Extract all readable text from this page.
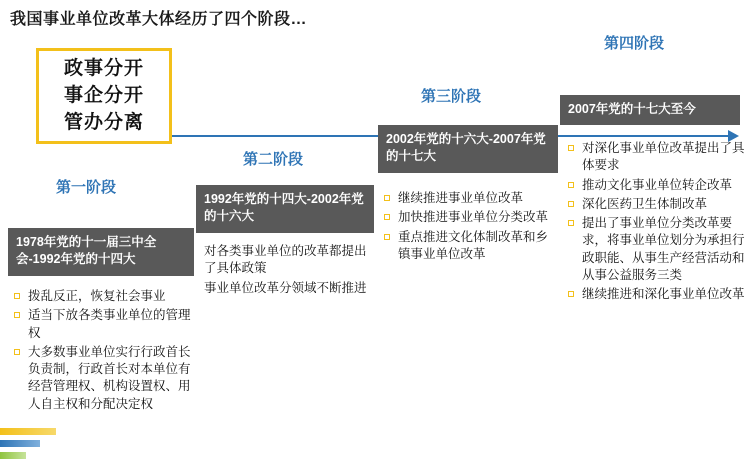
我国事业单位改革大体经历了四个阶段…
政事分开
事企分开
管办分离
第一阶段
1978年党的十一届三中全会-1992年党的十四大
拨乱反正，恢复社会事业
适当下放各类事业单位的管理权
大多数事业单位实行行政首长负责制，行政首长对本单位有经营管理权、机构设置权、用人自主权和分配决定权
第二阶段
1992年党的十四大-2002年党的十六大
对各类事业单位的改革都提出了具体政策
事业单位改革分领域不断推进
第三阶段
2002年党的十六大-2007年党的十七大
继续推进事业单位改革
加快推进事业单位分类改革
重点推进文化体制改革和乡镇事业单位改革
第四阶段
2007年党的十七大至今
对深化事业单位改革提出了具体要求
推动文化事业单位转企改革
深化医药卫生体制改革
提出了事业单位分类改革要求，将事业单位划分为承担行政职能、从事生产经营活动和从事公益服务三类
继续推进和深化事业单位改革
